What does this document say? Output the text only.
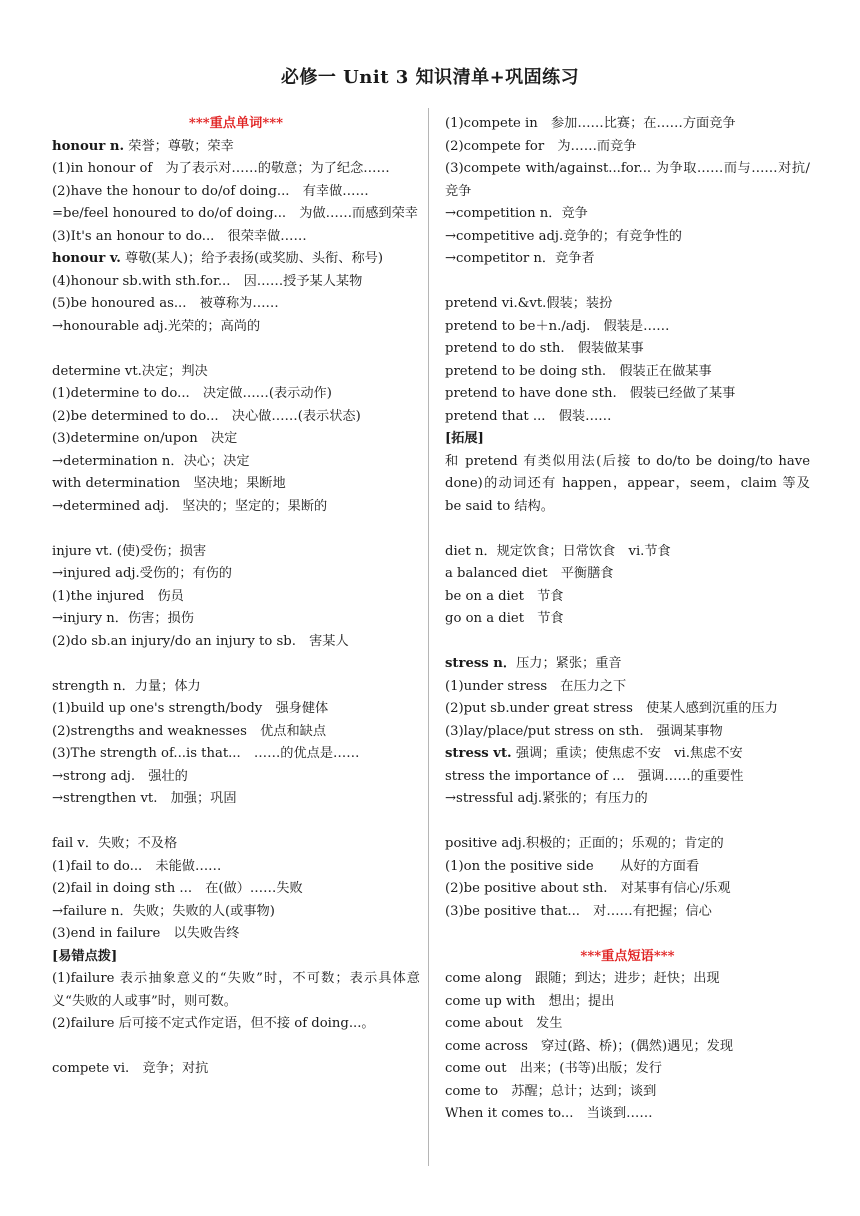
必修一 Unit 3 知识清单+巩固练习
***重点单词***
honour n. 荣誉；尊敬；荣幸
(1)in honour of　为了表示对……的敬意；为了纪念……
(2)have the honour to do/of doing...　有幸做……
=be/feel honoured to do/of doing...　为做……而感到荣幸
(3)It's an honour to do...　很荣幸做……
honour v. 尊敬(某人)；给予表扬(或奖励、头衔、称号)
(4)honour sb.with sth.for...　因……授予某人某物
(5)be honoured as...　被尊称为……
→honourable adj.光荣的；高尚的
determine vt.决定；判决
(1)determine to do...　决定做……(表示动作)
(2)be determined to do...　决心做……(表示状态)
(3)determine on/upon　决定
→determination n．决心；决定
with determination　坚决地；果断地
→determined adj.　坚决的；坚定的；果断的
injure vt. (使)受伤；损害
→injured adj.受伤的；有伤的
(1)the injured　伤员
→injury n．伤害；损伤
(2)do sb.an injury/do an injury to sb.　害某人
strength n．力量；体力
(1)build up one's strength/body　强身健体
(2)strengths and weaknesses　优点和缺点
(3)The strength of...is that...　……的优点是……
→strong adj.　强壮的
→strengthen vt.　加强；巩固
fail v．失败；不及格
(1)fail to do...　未能做……
(2)fail in doing sth ...　在(做）……失败
→failure n．失败；失败的人(或事物)
(3)end in failure　以失败告终
[易错点拨]
(1)failure 表示抽象意义的“失败”时，不可数；表示具体意义“失败的人或事”时，则可数。
(2)failure 后可接不定式作定语，但不接 of doing...。
compete vi.　竞争；对抗
(1)compete in　参加……比赛；在……方面竞争
(2)compete for　为……而竞争
(3)compete with/against...for... 为争取……而与……对抗/竞争
→competition n．竞争
→competitive adj.竞争的；有竞争性的
→competitor n．竞争者
pretend vi.&vt.假装；装扮
pretend to be＋n./adj.　假装是……
pretend to do sth.　假装做某事
pretend to be doing sth.　假装正在做某事
pretend to have done sth.　假装已经做了某事
pretend that ...　假装……
[拓展]
和 pretend 有类似用法(后接 to do/to be doing/to have done)的动词还有 happen，appear，seem，claim 等及 be said to 结构。
diet n．规定饮食；日常饮食　vi.节食
a balanced diet　平衡膳食
be on a diet　节食
go on a diet　节食
stress n．压力；紧张；重音
(1)under stress　在压力之下
(2)put sb.under great stress　使某人感到沉重的压力
(3)lay/place/put stress on sth.　强调某事物
stress vt. 强调；重读；使焦虑不安　vi.焦虑不安
stress the importance of ...　强调……的重要性
→stressful adj.紧张的；有压力的
positive adj.积极的；正面的；乐观的；肯定的
(1)on the positive side　　从好的方面看
(2)be positive about sth.　对某事有信心/乐观
(3)be positive that...　对……有把握；信心
***重点短语***
come along　跟随；到达；进步；赶快；出现
come up with　想出；提出
come about　发生
come across　穿过(路、桥)；(偶然)遇见；发现
come out　出来；(书等)出版；发行
come to　苏醒；总计；达到；谈到
When it comes to...　当谈到……
